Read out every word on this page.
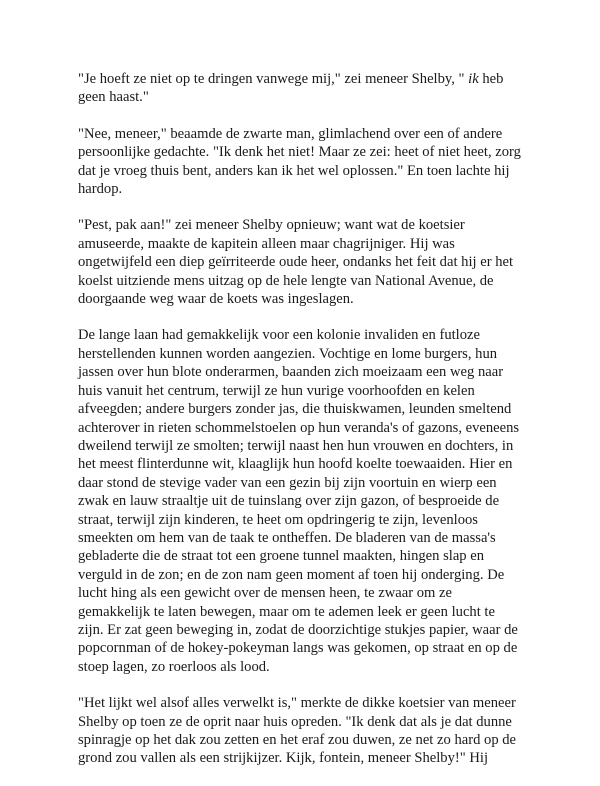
"Je hoeft ze niet op te dringen vanwege mij," zei meneer Shelby, " ik heb
geen haast."

"Nee, meneer," beaamde de zwarte man, glimlachend over een of andere
persoonlijke gedachte. "Ik denk het niet! Maar ze zei: heet of niet heet, zorg
dat je vroeg thuis bent, anders kan ik het wel oplossen." En toen lachte hij
hardop.

"Pest, pak aan!" zei meneer Shelby opnieuw; want wat de koetsier
amuseerde, maakte de kapitein alleen maar chagrijniger. Hij was
ongetwijfeld een diep geïrriteerde oude heer, ondanks het feit dat hij er het
koelst uitziende mens uitzag op de hele lengte van National Avenue, de
doorgaande weg waar de koets was ingeslagen.

De lange laan had gemakkelijk voor een kolonie invaliden en futloze
herstellenden kunnen worden aangezien. Vochtige en lome burgers, hun
jassen over hun blote onderarmen, baanden zich moeizaam een weg naar
huis vanuit het centrum, terwijl ze hun vurige voorhoofden en kelen
afveegden; andere burgers zonder jas, die thuiskwamen, leunden smeltend
achterover in rieten schommelstoelen op hun veranda's of gazons, eveneens
dweilend terwijl ze smolten; terwijl naast hen hun vrouwen en dochters, in
het meest flinterdunne wit, klaaglijk hun hoofd koelte toewaaiden. Hier en
daar stond de stevige vader van een gezin bij zijn voortuin en wierp een
zwak en lauw straaltje uit de tuinslang over zijn gazon, of besproeide de
straat, terwijl zijn kinderen, te heet om opdringerig te zijn, levenloos
smeekten om hem van de taak te ontheffen. De bladeren van de massa's
gebladerte die de straat tot een groene tunnel maakten, hingen slap en
verguld in de zon; en de zon nam geen moment af toen hij onderging. De
lucht hing als een gewicht over de mensen heen, te zwaar om ze
gemakkelijk te laten bewegen, maar om te ademen leek er geen lucht te
zijn. Er zat geen beweging in, zodat de doorzichtige stukjes papier, waar de
popcornman of de hokey-pokeyman langs was gekomen, op straat en op de
stoep lagen, zo roerloos als lood.

"Het lijkt wel alsof alles verwelkt is," merkte de dikke koetsier van meneer
Shelby op toen ze de oprit naar huis opreden. "Ik denk dat als je dat dunne
spinragje op het dak zou zetten en het eraf zou duwen, ze net zo hard op de
grond zou vallen als een strijkijzer. Kijk, fontein, meneer Shelby!" Hij
